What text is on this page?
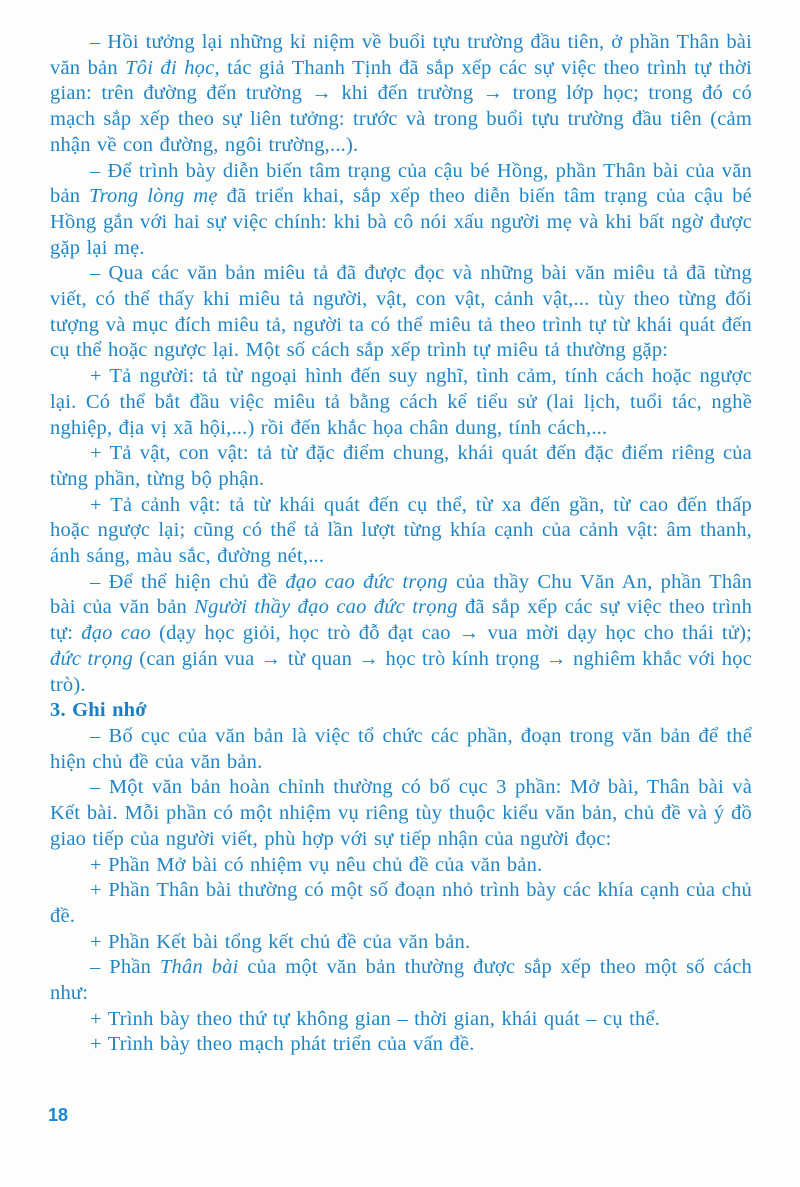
– Hồi tưởng lại những kỉ niệm về buổi tựu trường đầu tiên, ở phần Thân bài văn bản Tôi đi học, tác giả Thanh Tịnh đã sắp xếp các sự việc theo trình tự thời gian: trên đường đến trường → khi đến trường → trong lớp học; trong đó có mạch sắp xếp theo sự liên tưởng: trước và trong buổi tựu trường đầu tiên (cảm nhận về con đường, ngôi trường,...).

– Để trình bày diễn biến tâm trạng của cậu bé Hồng, phần Thân bài của văn bản Trong lòng mẹ đã triển khai, sắp xếp theo diễn biến tâm trạng của cậu bé Hồng gắn với hai sự việc chính: khi bà cô nói xấu người mẹ và khi bất ngờ được gặp lại mẹ.

– Qua các văn bản miêu tả đã được đọc và những bài văn miêu tả đã từng viết, có thể thấy khi miêu tả người, vật, con vật, cảnh vật,... tùy theo từng đối tượng và mục đích miêu tả, người ta có thể miêu tả theo trình tự từ khái quát đến cụ thể hoặc ngược lại. Một số cách sắp xếp trình tự miêu tả thường gặp:

+ Tả người: tả từ ngoại hình đến suy nghĩ, tình cảm, tính cách hoặc ngược lại. Có thể bắt đầu việc miêu tả bằng cách kể tiểu sử (lai lịch, tuổi tác, nghề nghiệp, địa vị xã hội,...) rồi đến khắc họa chân dung, tính cách,...

+ Tả vật, con vật: tả từ đặc điểm chung, khái quát đến đặc điểm riêng của từng phần, từng bộ phận.

+ Tả cảnh vật: tả từ khái quát đến cụ thể, từ xa đến gần, từ cao đến thấp hoặc ngược lại; cũng có thể tả lần lượt từng khía cạnh của cảnh vật: âm thanh, ánh sáng, màu sắc, đường nét,...

– Để thể hiện chủ đề đạo cao đức trọng của thầy Chu Văn An, phần Thân bài của văn bản Người thầy đạo cao đức trọng đã sắp xếp các sự việc theo trình tự: đạo cao (dạy học giỏi, học trò đỗ đạt cao → vua mời dạy học cho thái tử); đức trọng (can gián vua → từ quan → học trò kính trọng → nghiêm khắc với học trò).

3. Ghi nhớ

– Bố cục của văn bản là việc tổ chức các phần, đoạn trong văn bản để thể hiện chủ đề của văn bản.

– Một văn bản hoàn chỉnh thường có bố cục 3 phần: Mở bài, Thân bài và Kết bài. Mỗi phần có một nhiệm vụ riêng tùy thuộc kiểu văn bản, chủ đề và ý đồ giao tiếp của người viết, phù hợp với sự tiếp nhận của người đọc:

+ Phần Mở bài có nhiệm vụ nêu chủ đề của văn bản.

+ Phần Thân bài thường có một số đoạn nhỏ trình bày các khía cạnh của chủ đề.

+ Phần Kết bài tổng kết chủ đề của văn bản.

– Phần Thân bài của một văn bản thường được sắp xếp theo một số cách như:

+ Trình bày theo thứ tự không gian – thời gian, khái quát – cụ thể.

+ Trình bày theo mạch phát triển của vấn đề.

18
